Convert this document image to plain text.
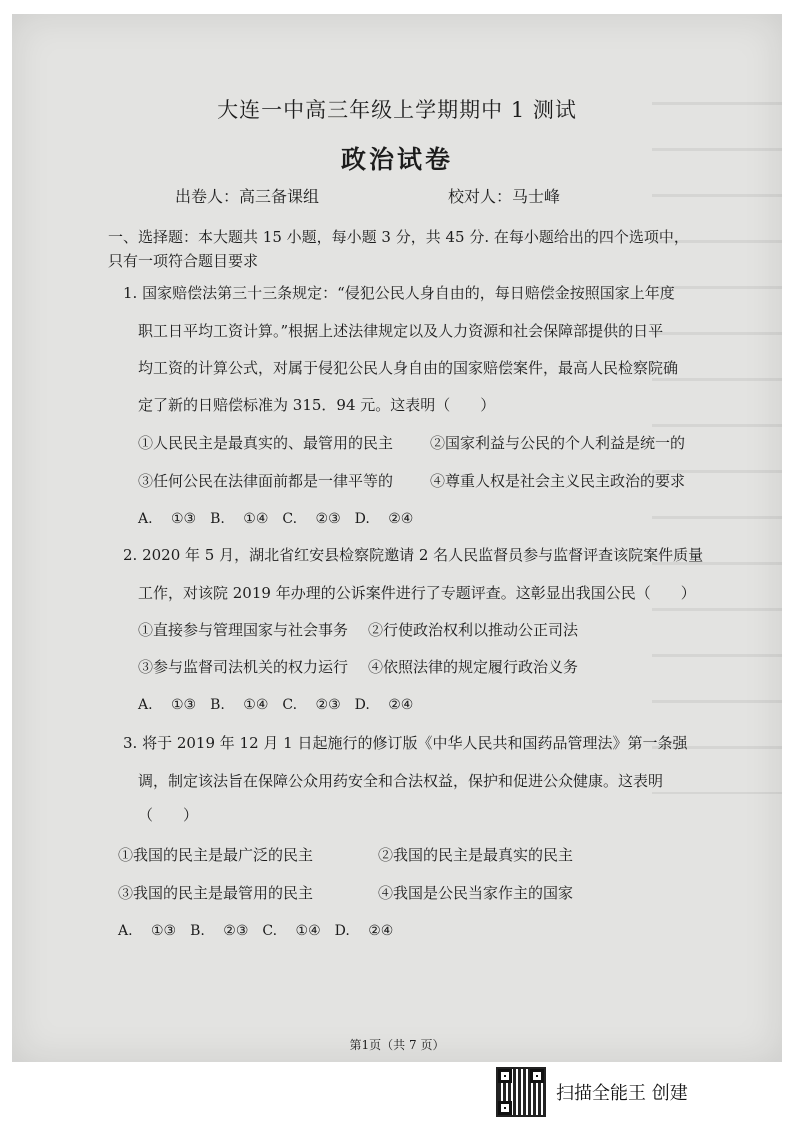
大连一中高三年级上学期期中 1 测试
政治试卷
出卷人：高三备课组	校对人：马士峰
一、选择题：本大题共 15 小题，每小题 3 分，共 45 分. 在每小题给出的四个选项中，
只有一项符合题目要求
1. 国家赔偿法第三十三条规定：“侵犯公民人身自由的，每日赔偿金按照国家上年度
职工日平均工资计算。”根据上述法律规定以及人力资源和社会保障部提供的日平
均工资的计算公式，对属于侵犯公民人身自由的国家赔偿案件，最高人民检察院确
定了新的日赔偿标准为 315．94 元。这表明（　　）
①人民民主是最真实的、最管用的民主 ②国家利益与公民的个人利益是统一的
③任何公民在法律面前都是一律平等的 ④尊重人权是社会主义民主政治的要求
A. ①③　B. ①④　C. ②③　D. ②④
2. 2020 年 5 月，湖北省红安县检察院邀请 2 名人民监督员参与监督评查该院案件质量
工作，对该院 2019 年办理的公诉案件进行了专题评查。这彰显出我国公民（　　）
①直接参与管理国家与社会事务 ②行使政治权利以推动公正司法
③参与监督司法机关的权力运行 ④依照法律的规定履行政治义务
A. ①③　B. ①④　C. ②③　D. ②④
3. 将于 2019 年 12 月 1 日起施行的修订版《中华人民共和国药品管理法》第一条强
调，制定该法旨在保障公众用药安全和合法权益，保护和促进公众健康。这表明
（　　）
①我国的民主是最广泛的民主	②我国的民主是最真实的民主
③我国的民主是最管用的民主	④我国是公民当家作主的国家
A. ①③　B. ②③　C. ①④　D. ②④
第1页（共 7 页）
扫描全能王 创建
